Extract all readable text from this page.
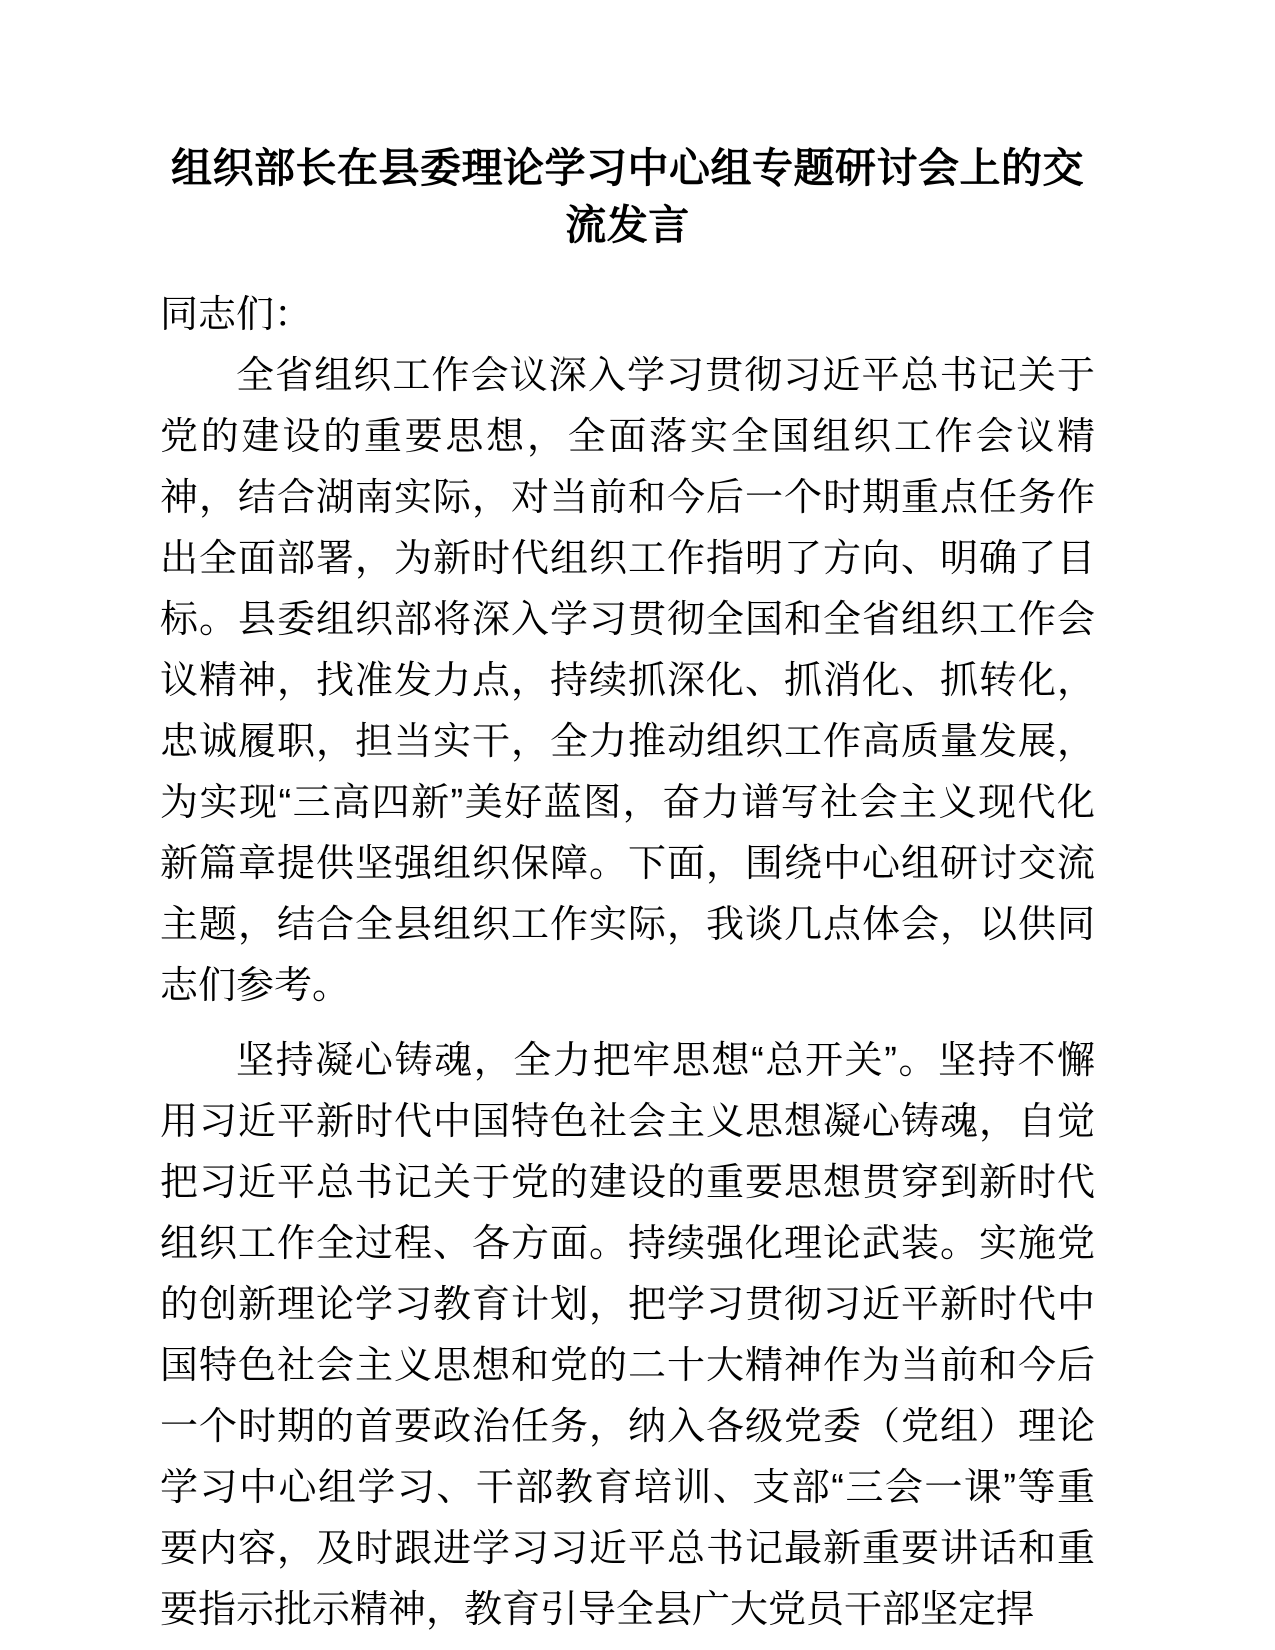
组织部长在县委理论学习中心组专题研讨会上的交流发言

同志们：

全省组织工作会议深入学习贯彻习近平总书记关于党的建设的重要思想，全面落实全国组织工作会议精神，结合湖南实际，对当前和今后一个时期重点任务作出全面部署，为新时代组织工作指明了方向、明确了目标。县委组织部将深入学习贯彻全国和全省组织工作会议精神，找准发力点，持续抓深化、抓消化、抓转化，忠诚履职，担当实干，全力推动组织工作高质量发展，为实现“三高四新”美好蓝图，奋力谱写社会主义现代化新篇章提供坚强组织保障。下面，围绕中心组研讨交流主题，结合全县组织工作实际，我谈几点体会，以供同志们参考。

坚持凝心铸魂，全力把牢思想“总开关”。坚持不懈用习近平新时代中国特色社会主义思想凝心铸魂，自觉把习近平总书记关于党的建设的重要思想贯穿到新时代组织工作全过程、各方面。持续强化理论武装。实施党的创新理论学习教育计划，把学习贯彻习近平新时代中国特色社会主义思想和党的二十大精神作为当前和今后一个时期的首要政治任务，纳入各级党委（党组）理论学习中心组学习、干部教育培训、支部“三会一课”等重要内容，及时跟进学习习近平总书记最新重要讲话和重要指示批示精神，教育引导全县广大党员干部坚定捍
